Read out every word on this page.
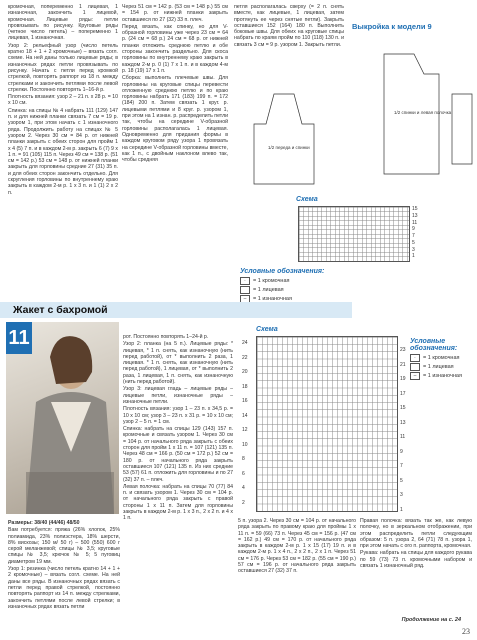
кромочная, попеременно 1 лицевая, 1 изнаночная, закончить 1 лицевой, кромочная. Лицевые ряды: петли провязывать по рисунку. Круговые ряды (четное число петель) – попеременно 1 лицевая, 1 изнаночная.

Узор 2: рельефный узор (число петель кратно 18 + 1 + 2 кромочные) – вязать согл. схеме. На ней даны только лицевые ряды; в изнаночных рядах петли провязывать по рисунку. Начать с петли перед кромкой стрелкой, повторять раппорт из 18 п. между стрелками и закончить петлями после левой стрелки. Постоянно повторять 1–16-й р.

Плотность вязания: узор 2 – 21 п. х 28 р. = 10 х 10 см.

Спинка: на спицы № 4 набрать 111 (129) 147 п. и для нижней планки связать 7 см = 19 р. узором 1, при этом начать с 1 изнаночного ряда. Продолжить работу на спицах № 5 узором 2. Через 30 см = 84 р. от нижней планки закрыть с обеих сторон для пройм 1 х 4 (5) 7 п. и в каждом 2-м р. закрыть 6 (7) 9 х 1 п. = 91 (105) 115 п. Через 49 см = 138 р. (51 см = 142 р.) 53 см = 148 р. от нижней планки закрыть для горловины средние 27 (31) 35 п. и для обеих сторон закончить отдельно. Для скругления горловины по внутреннему краю закрыть в каждом 2-м р. 1 х 3 п. и 1 (1) 2 х 2 п.

Через 51 см = 142 р. (53 см = 148 р.) 55 см = 154 р. от нижней планки закрыть оставшиеся по 27 (32) 33 п. плеч.

Перед вязать, как спинку, но для V-образной горловины уже через 23 см = 64 р. (24 см = 68 р.) 24 см = 68 р. от нижней планки отложить среднюю петлю и обе стороны закончить раздельно. Для скоса горловины по внутреннему краю закрыть в каждом 2-м р. 0 (1) 7 х 1 п. и в каждом 4-м р. 18 (19) 17 х 1 п.

Сборка: выполнить плечевые швы. Для горловины на круговые спицы перевести отложенную среднюю петлю и по краю горловины набрать 171 (183) 199 п. = 172 (184) 200 п. Затем связать 1 круг. р. лицевыми петлями и 8 круг. р. узором 1, при этом на 1 изнан. р. распределить петли так, чтобы на середине V-образной горловины располагалась 1 лицевая. Одновременно для придания формы в каждом круговом ряду узора 1 провязать на середине V-образной горловины вместе, как 1 п., с двойным наклоном влево так, чтобы средняя

петля располагалась сверху (= 2 п. снять вместе, как лицевые, 1 лицевая, затем протянуть ее через снятые петли). Закрыть оставшиеся 152 (164) 180 п. Выполнить боковые швы. Для обеих на круговые спицы набрать по краям пройм по 110 (118) 130 п. и связать 3 см = 9 р. узором 1. Закрыть петли.

Выкройка к модели 9
1/2 переда и спинки
1/2 спинки и левая полочка
Схема
15
13
11
9
7
5
3
1
Условные обозначения:
·	= 1 кромочная
= 1 лицевая
–	= 1 изнаночная
Жакет с бахромой
11	рот. Постоянно повторять 1–24-й р.

Узор 2: планка (на 5 п.). Лицевые ряды: * лицевая, * 1 п. снять, как изнаночную (нить перед работой), от * выполнить 2 раза, 1 лицевая. * 1 п. снять, как изнаночную (нить перед работой), 1 лицевая, от * выполнить 2 раза, 1 лицевая, 1 п. снять, как изнаночную (нить перед работой).

Узор 3: лицевая гладь – лицевые ряды – лицевые петли, изнаночные ряды – изнаночные петли.

Плотность вязания: узор 1 – 23 п. х 34,5 р. = 10 х 10 см; узор 3 – 23 п. х 31 р. = 10 х 10 см; узор 2 – 5 п. = 1 см.

Спинка: набрать на спицы 129 (143) 157 п. кромочные и связать узором 1. Через 30 см = 104 р. от начального ряда закрыть с обеих сторон для пройм 1 х 11 п. = 107 (121) 135 п. Через 48 см = 166 р. (50 см = 172 р.) 52 см = 180 р. от начального ряда закрыть оставшиеся 107 (121) 135 п. Из них средние 53 (57) 61 п. отложить для горловины и по 27 (32) 37 п. – плеч.

Левая полочка: набрать на спицы 70 (77) 84 п. и связать узором 1. Через 30 см = 104 р. от начального ряда закрыть с правой стороны 1 х 11 п. Затем для горловины закрыть в каждом 2-м р. 1 х 3 п., 2 х 2 п. и 4 х 1 п.

Схема
24
22
20
18
16
14
12
10
8
6
4
2
23
21
19
17
15
13
11
9
7
5
3
1
Условные обозначения:
·	= 1 кромочная
= 1 лицевая
–	= 1 изнаночная

Размеры: 38/40 (44/46) 48/50

Вам потребуется: пряжа (26% хлопок, 25% полиамида, 23% полиэстера, 18% шерсти, 8% вискозы; 150 м/ 50 г) – 500 (550) 600 г серой меланжевой; спицы № 3,5; круговые спицы № 3,5; крючок № 5; 5 пуговиц диаметром 19 мм.

Узор 1: резинка (число петель кратно 14 + 1 + 2 кромочные) – вязать согл. схеме. На ней даны все ряды. В изнаночных рядах вязать с петли перед правой стрелкой, постоянно повторять раппорт из 14 п. между стрелками, закончить петлями после левой стрелки; в изнаночных рядах вязать петли

5 п. узора 2. Через 30 см = 104 р. от начального ряда закрыть по правому краю для проймы 1 х 11 п. = 59 (66) 73 п. Через 45 см = 156 р. (47 см = 162 р.) 49 см = 170 р. от начального ряда закрыть в каждом 2-м р. 1 х 15 (17) 19 п. и в каждом 2-м р. 1 х 4 п., 2 х 2 п., 2 х 1 п. Через 51 см = 176 р. Через 53 см = 182 р. (55 см = 190 р.) 57 см = 196 р. от начального ряда закрыть оставшиеся 27 (32) 37 п.

Правая полочка: вязать так же, как левую полочку, но в зеркальном отображении, при этом распределить петли следующим образом: 5 п. узора 2, 64 (71) 78 п. узора 1, при этом начать с ого п. раппорта, кромочная.

Рукава: набрать на спицы для каждого рукава по 59 (73) 73 п. кромочными набором и связать 1 изнаночный ряд.

Продолжение на с. 24
23
